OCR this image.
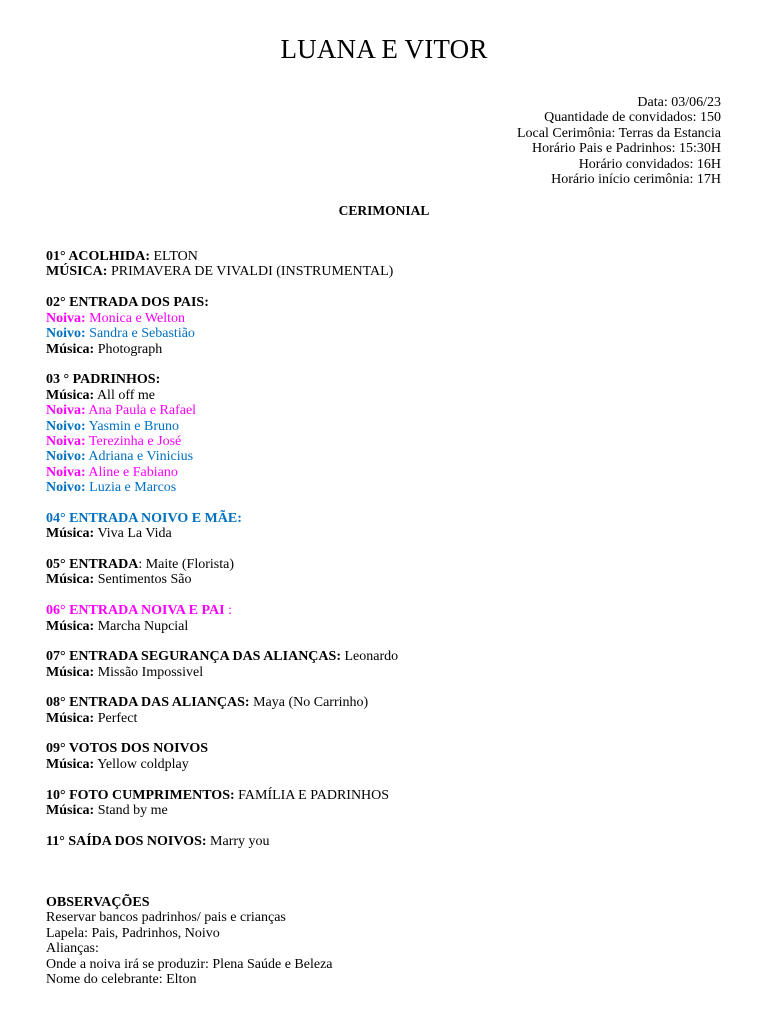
LUANA E VITOR
Data: 03/06/23
Quantidade de convidados: 150
Local Cerimônia: Terras da Estancia
Horário Pais e Padrinhos: 15:30H
Horário convidados: 16H
Horário início cerimônia: 17H
CERIMONIAL
01° ACOLHIDA: ELTON
MÚSICA: PRIMAVERA DE VIVALDI (INSTRUMENTAL)
02° ENTRADA DOS PAIS:
Noiva: Monica e Welton
Noivo: Sandra e Sebastião
Música: Photograph
03 ° PADRINHOS:
Música: All off me
Noiva: Ana Paula e Rafael
Noivo: Yasmin e Bruno
Noiva: Terezinha e José
Noivo: Adriana e Vinicius
Noiva: Aline e Fabiano
Noivo: Luzia e Marcos
04° ENTRADA NOIVO E MÃE:
Música: Viva La Vida
05° ENTRADA: Maite (Florista)
Música: Sentimentos São
06° ENTRADA NOIVA E PAI :
Música: Marcha Nupcial
07° ENTRADA SEGURANÇA DAS ALIANÇAS: Leonardo
Música: Missão Impossivel
08° ENTRADA DAS ALIANÇAS: Maya (No Carrinho)
Música: Perfect
09° VOTOS DOS NOIVOS
Música: Yellow coldplay
10° FOTO CUMPRIMENTOS: FAMÍLIA E PADRINHOS
Música: Stand by me
11° SAÍDA DOS NOIVOS: Marry you
OBSERVAÇÕES
Reservar bancos padrinhos/ pais e crianças
Lapela: Pais, Padrinhos, Noivo
Alianças:
Onde a noiva irá se produzir: Plena Saúde e Beleza
Nome do celebrante: Elton
